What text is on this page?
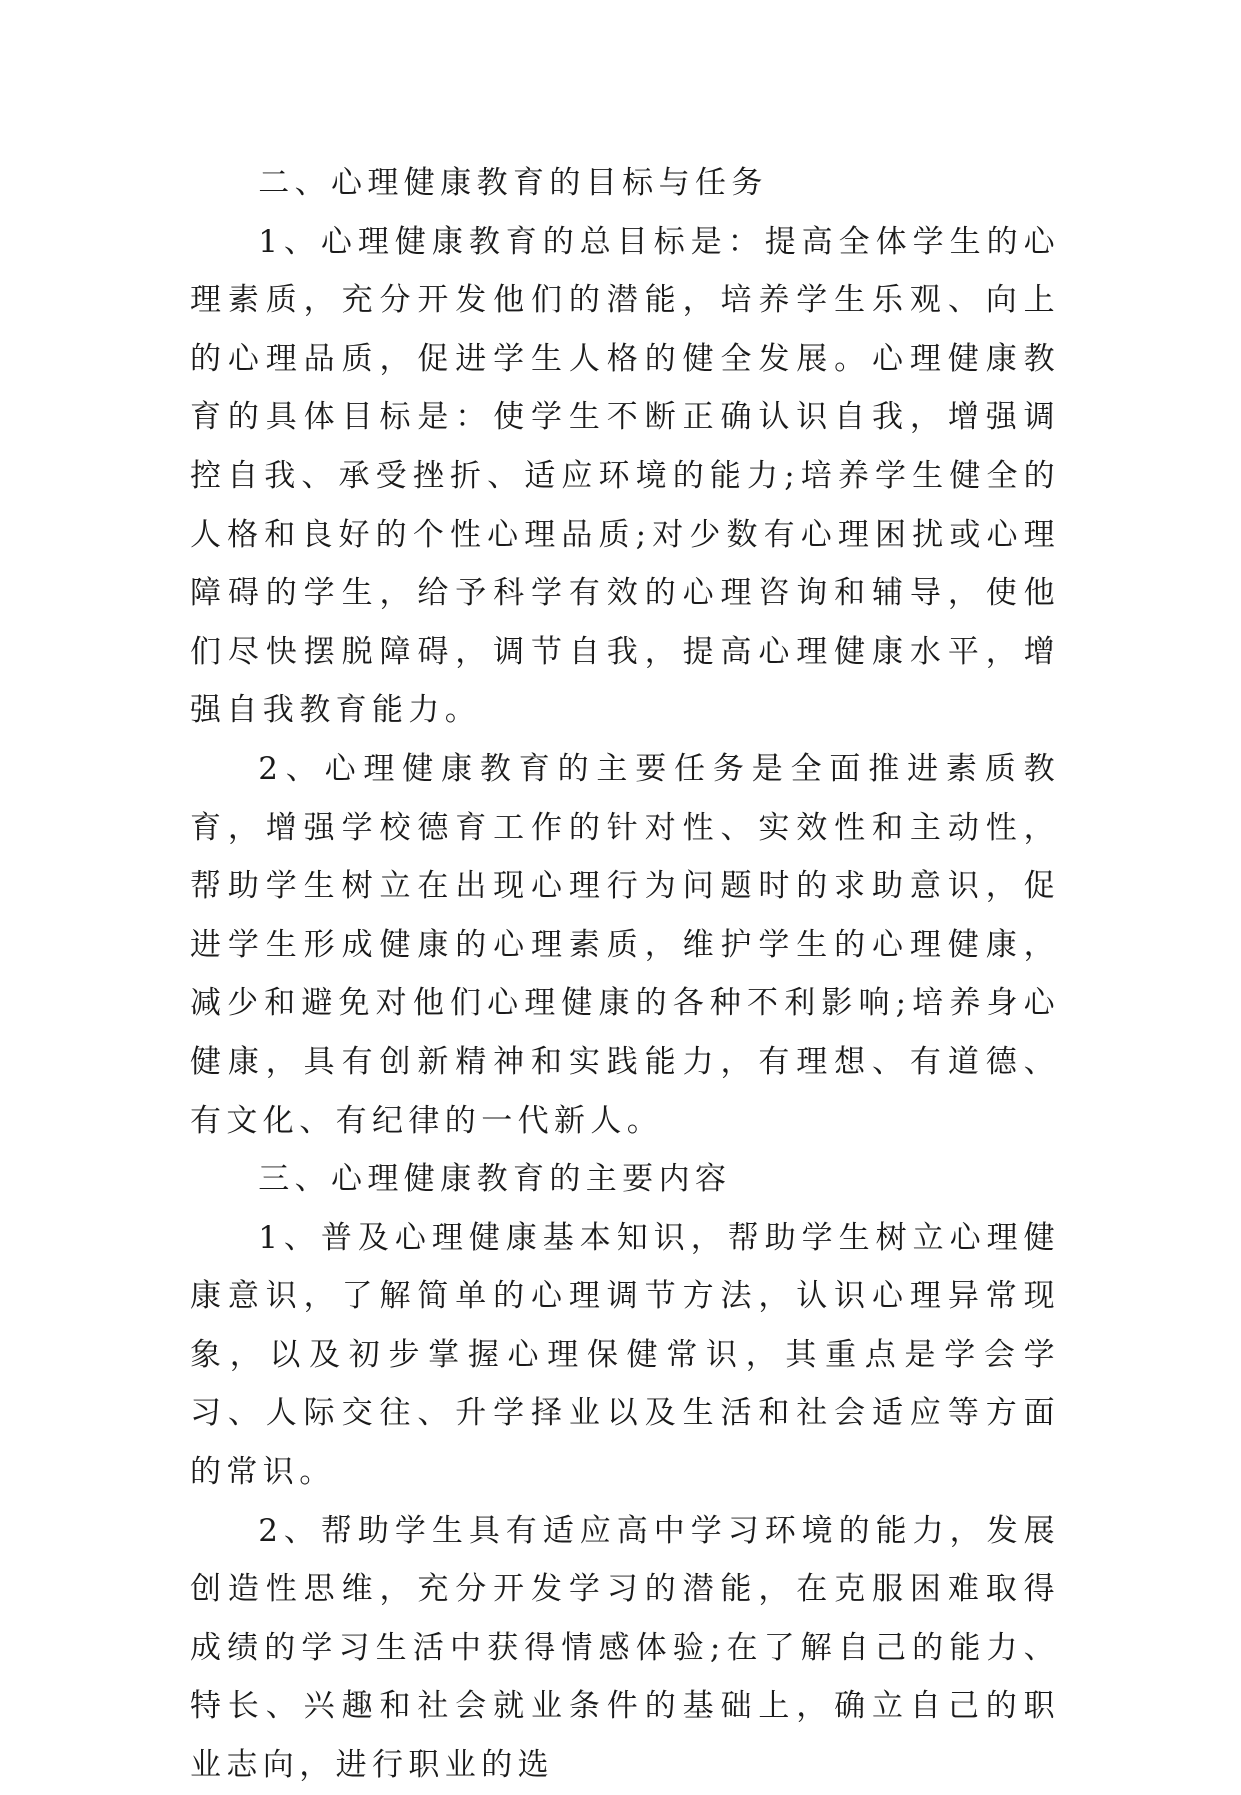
二、心理健康教育的目标与任务

1、心理健康教育的总目标是：提高全体学生的心理素质，充分开发他们的潜能，培养学生乐观、向上的心理品质，促进学生人格的健全发展。心理健康教育的具体目标是：使学生不断正确认识自我，增强调控自我、承受挫折、适应环境的能力;培养学生健全的人格和良好的个性心理品质;对少数有心理困扰或心理障碍的学生，给予科学有效的心理咨询和辅导，使他们尽快摆脱障碍，调节自我，提高心理健康水平，增强自我教育能力。

2、心理健康教育的主要任务是全面推进素质教育，增强学校德育工作的针对性、实效性和主动性，帮助学生树立在出现心理行为问题时的求助意识，促进学生形成健康的心理素质，维护学生的心理健康，减少和避免对他们心理健康的各种不利影响;培养身心健康，具有创新精神和实践能力，有理想、有道德、有文化、有纪律的一代新人。

三、心理健康教育的主要内容

1、普及心理健康基本知识，帮助学生树立心理健康意识，了解简单的心理调节方法，认识心理异常现象，以及初步掌握心理保健常识，其重点是学会学习、人际交往、升学择业以及生活和社会适应等方面的常识。

2、帮助学生具有适应高中学习环境的能力，发展创造性思维，充分开发学习的潜能，在克服困难取得成绩的学习生活中获得情感体验;在了解自己的能力、特长、兴趣和社会就业条件的基础上，确立自己的职业志向，进行职业的选
